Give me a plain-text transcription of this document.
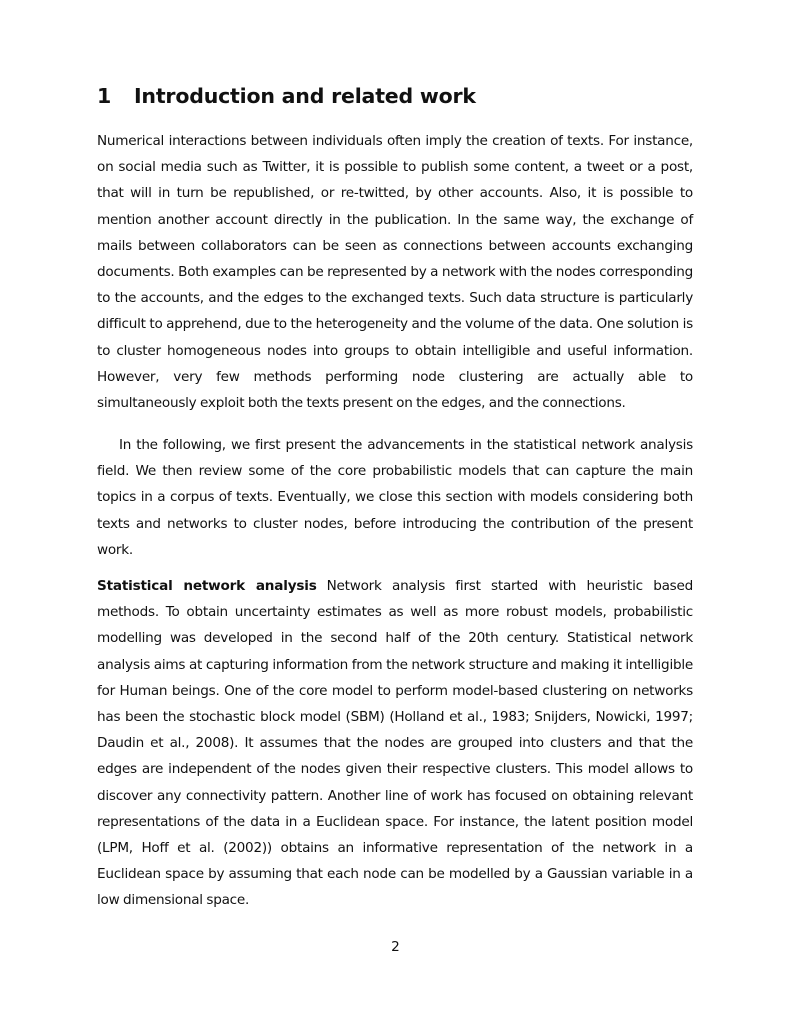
1 Introduction and related work

Numerical interactions between individuals often imply the creation of texts. For instance, on social media such as Twitter, it is possible to publish some content, a tweet or a post, that will in turn be republished, or re-twitted, by other accounts. Also, it is possible to mention another account directly in the publication. In the same way, the exchange of mails between collaborators can be seen as connections between accounts exchanging documents. Both examples can be represented by a network with the nodes corresponding to the accounts, and the edges to the exchanged texts. Such data structure is particularly difficult to apprehend, due to the heterogeneity and the volume of the data. One solution is to cluster homogeneous nodes into groups to obtain intelligible and useful information. However, very few methods performing node clustering are actually able to simultaneously exploit both the texts present on the edges, and the connections.

In the following, we first present the advancements in the statistical network analysis field. We then review some of the core probabilistic models that can capture the main topics in a corpus of texts. Eventually, we close this section with models considering both texts and networks to cluster nodes, before introducing the contribution of the present work.

Statistical network analysis Network analysis first started with heuristic based methods. To obtain uncertainty estimates as well as more robust models, probabilistic modelling was developed in the second half of the 20th century. Statistical network analysis aims at capturing information from the network structure and making it intelligible for Human beings. One of the core model to perform model-based clustering on networks has been the stochastic block model (SBM) (Holland et al., 1983; Snijders, Nowicki, 1997; Daudin et al., 2008). It assumes that the nodes are grouped into clusters and that the edges are independent of the nodes given their respective clusters. This model allows to discover any connectivity pattern. Another line of work has focused on obtaining relevant representations of the data in a Euclidean space. For instance, the latent position model (LPM, Hoff et al. (2002)) obtains an informative representation of the network in a Euclidean space by assuming that each node can be modelled by a Gaussian variable in a low dimensional space.

2
